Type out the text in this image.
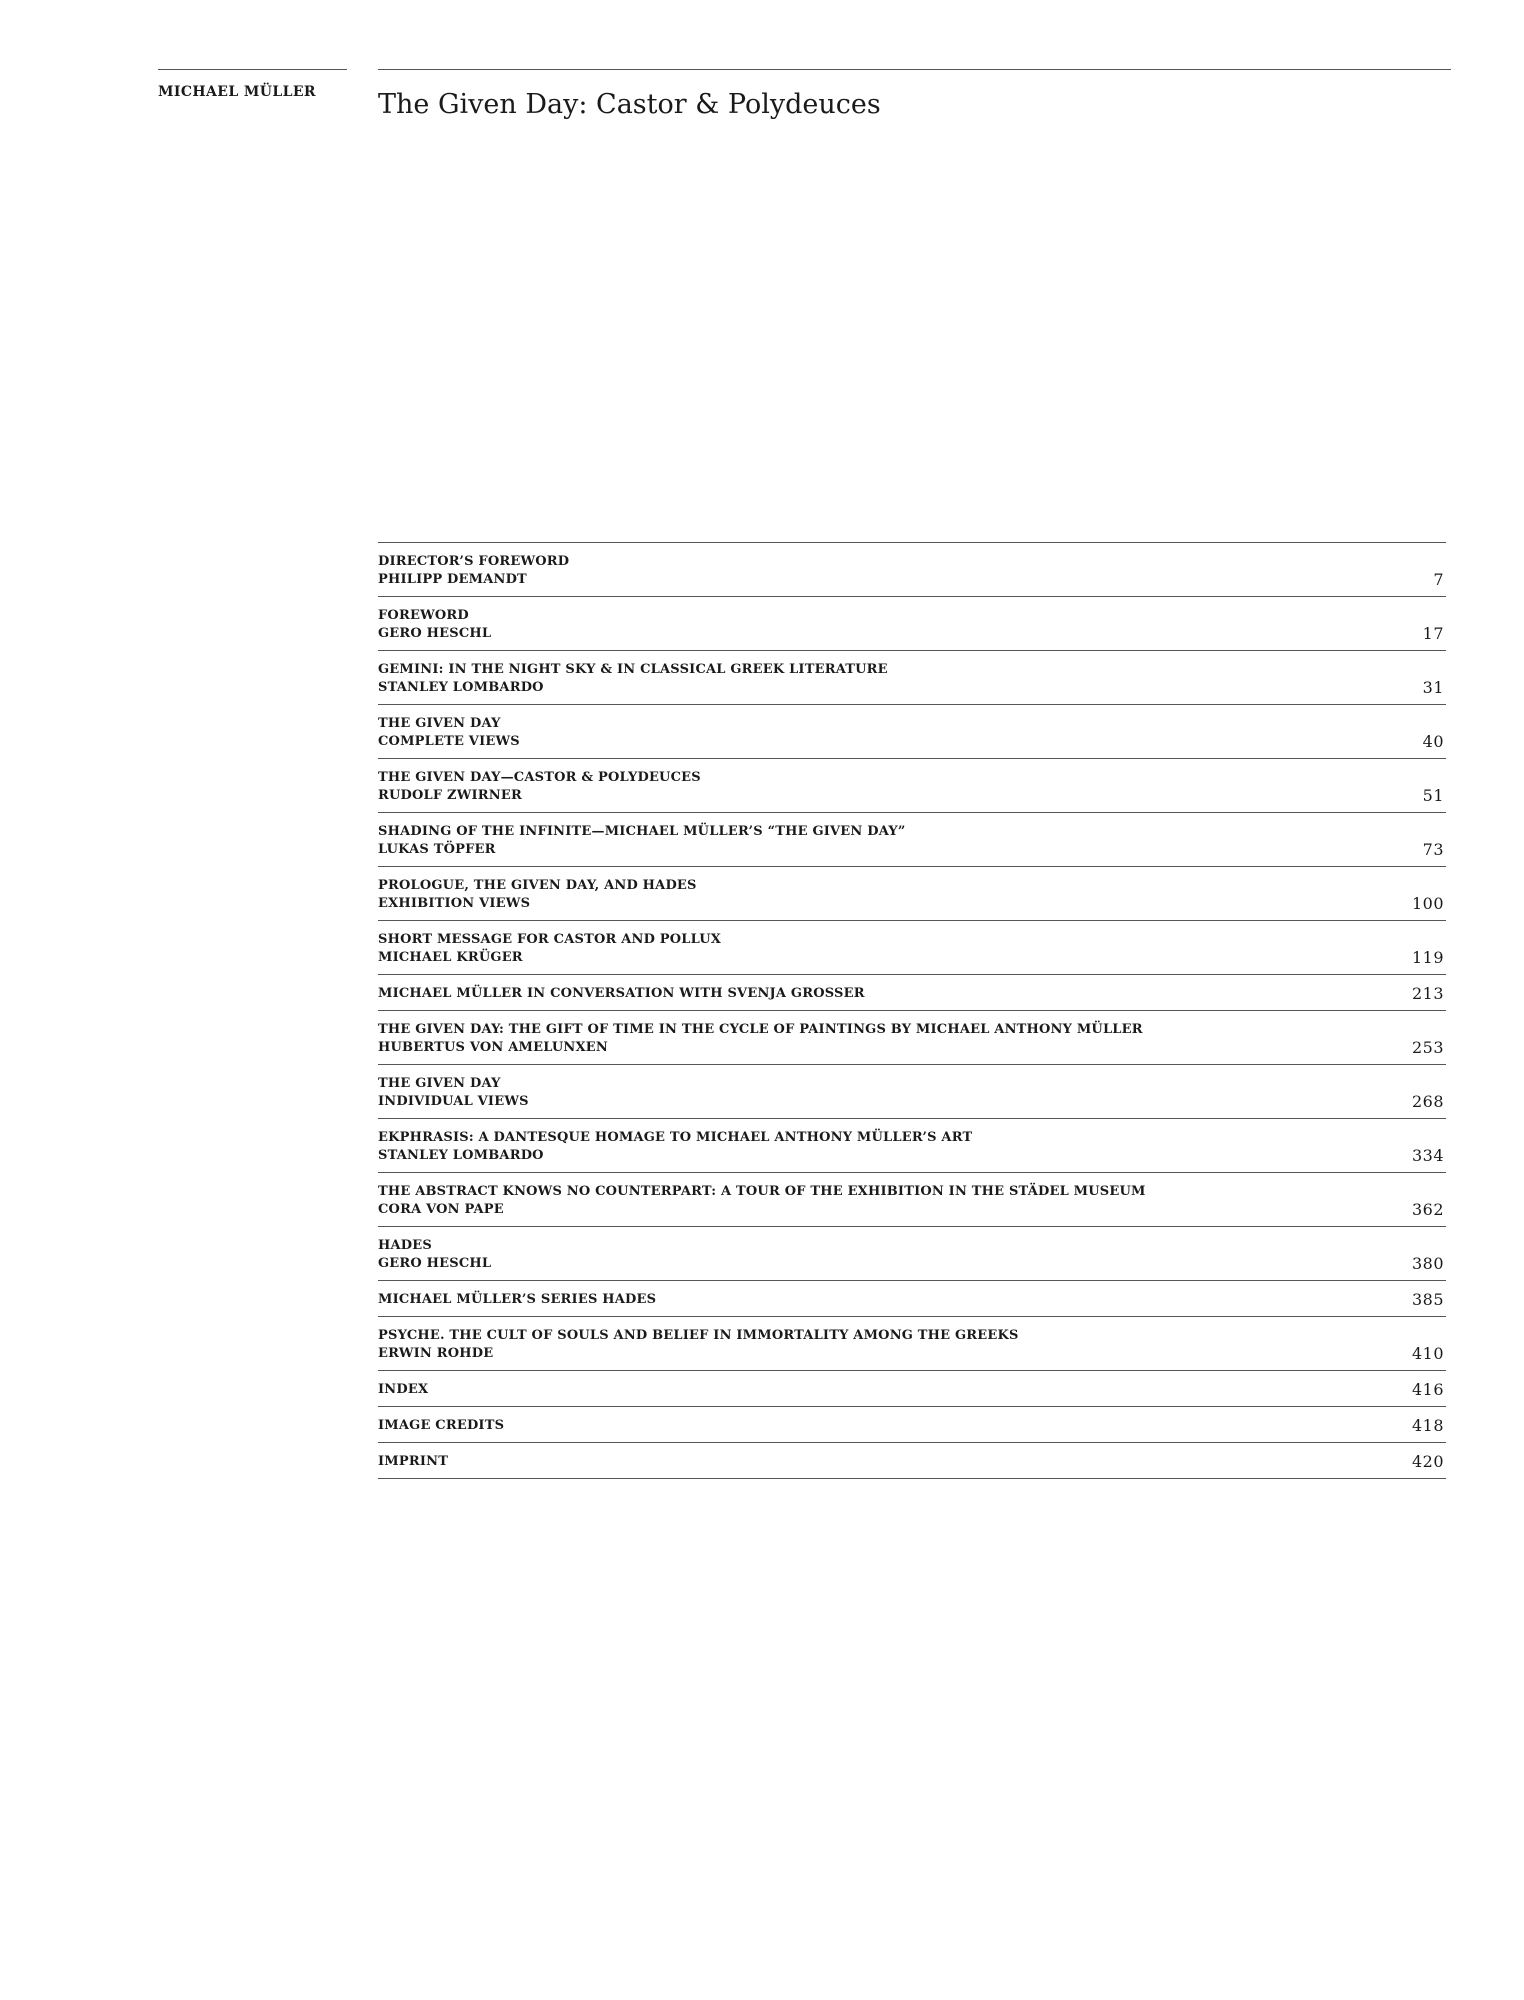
MICHAEL MÜLLER The Given Day: Castor & Polydeuces
DIRECTOR’S FOREWORD
PHILIPP DEMANDT	7
FOREWORD
GERO HESCHL	17
GEMINI: IN THE NIGHT SKY & IN CLASSICAL GREEK LITERATURE
STANLEY LOMBARDO	31
THE GIVEN DAY
COMPLETE VIEWS	40
THE GIVEN DAY—CASTOR & POLYDEUCES
RUDOLF ZWIRNER	51
SHADING OF THE INFINITE—MICHAEL MÜLLER’S “THE GIVEN DAY”
LUKAS TÖPFER	73
PROLOGUE, THE GIVEN DAY, AND HADES
EXHIBITION VIEWS	100
SHORT MESSAGE FOR CASTOR AND POLLUX
MICHAEL KRÜGER	119
MICHAEL MÜLLER IN CONVERSATION WITH SVENJA GROSSER	213
THE GIVEN DAY: THE GIFT OF TIME IN THE CYCLE OF PAINTINGS BY MICHAEL ANTHONY MÜLLER
HUBERTUS VON AMELUNXEN	253
THE GIVEN DAY
INDIVIDUAL VIEWS	268
EKPHRASIS: A DANTESQUE HOMAGE TO MICHAEL ANTHONY MÜLLER’S ART
STANLEY LOMBARDO	334
THE ABSTRACT KNOWS NO COUNTERPART: A TOUR OF THE EXHIBITION IN THE STÄDEL MUSEUM
CORA VON PAPE	362
HADES
GERO HESCHL	380
MICHAEL MÜLLER’S SERIES HADES	385
PSYCHE. THE CULT OF SOULS AND BELIEF IN IMMORTALITY AMONG THE GREEKS
ERWIN ROHDE	410
INDEX	416
IMAGE CREDITS	418
IMPRINT	420
